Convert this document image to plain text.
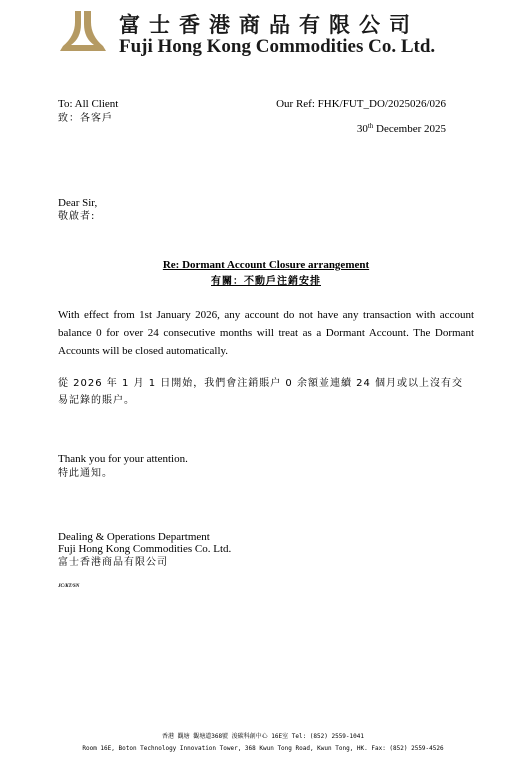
富士香港商品有限公司
Fuji Hong Kong Commodities Co. Ltd.
To: All Client
致：各客戶
Our Ref: FHK/FUT_DO/2025026/026
30th December 2025
Dear Sir,
敬啟者:
Re: Dormant Account Closure arrangement
有關：不動戶注銷安排
With effect from 1st January 2026, any account do not have any transaction with account balance 0 for over 24 consecutive months will treat as a Dormant Account. The Dormant Accounts will be closed automatically.
從 2026 年 1 月 1 日開始，我們會注銷賬户 0 余額並連續 24 個月或以上沒有交易記錄的賬户。
Thank you for your attention.
特此通知。
Dealing & Operations Department
Fuji Hong Kong Commodities Co. Ltd.
富士香港商品有限公司
JC/KT/SN
香港 觀塘 觀塘道368號 浚碳科創中心 16E室 Tel: (852) 2559-1041
Room 16E, Boton Technology Innovation Tower, 368 Kwun Tong Road, Kwun Tong, HK. Fax: (852) 2559-4526
